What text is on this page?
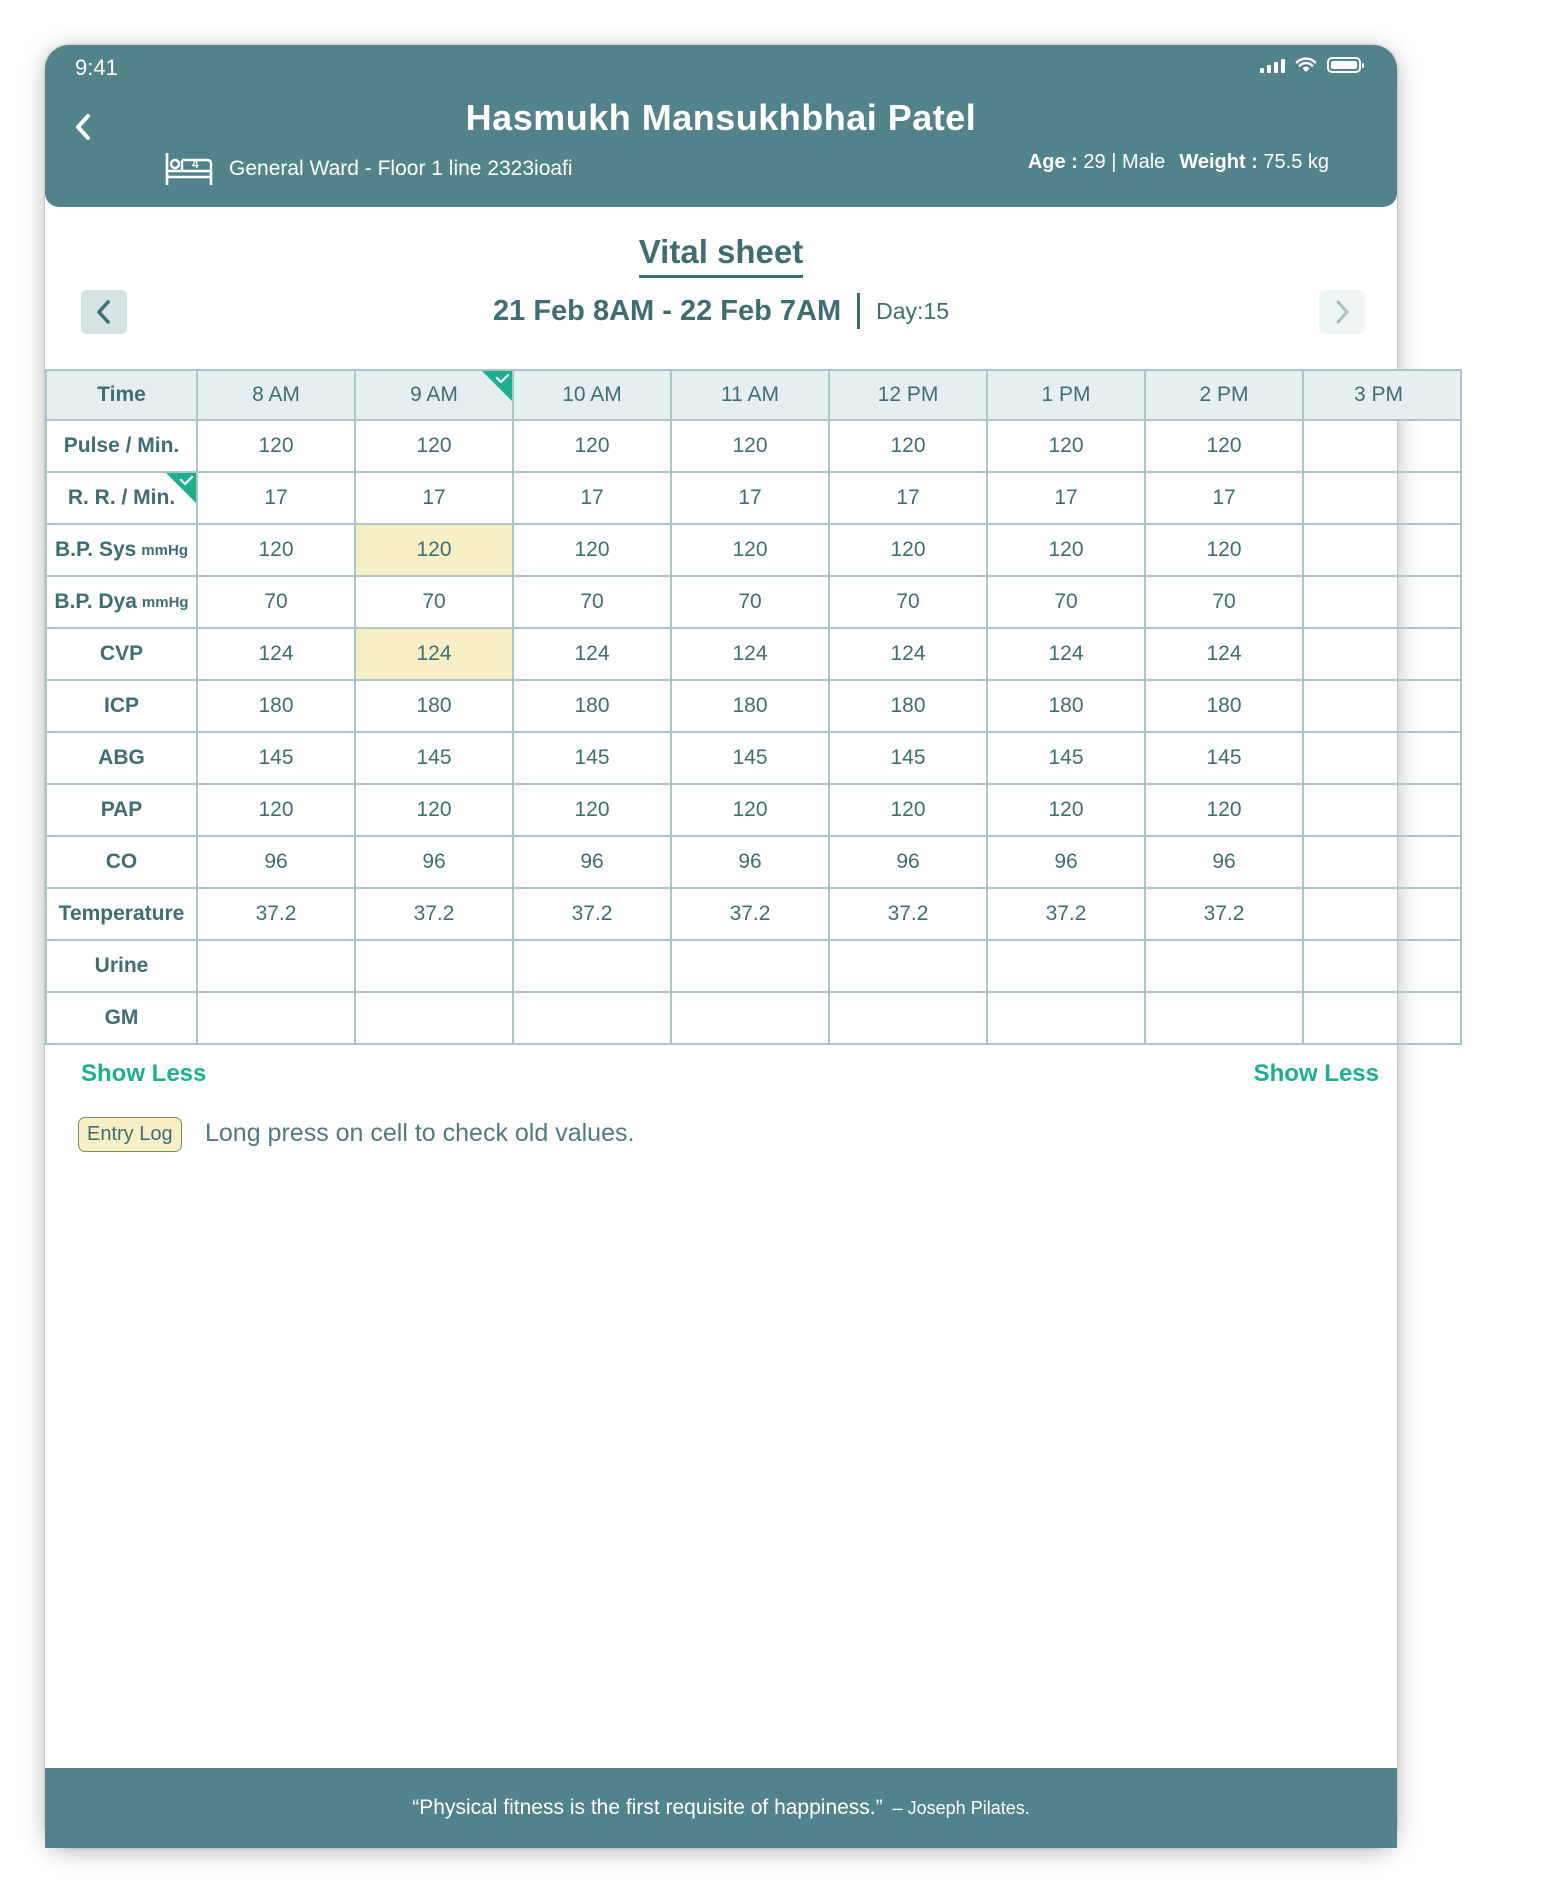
9:41
Hasmukh Mansukhbhai Patel
4 General Ward - Floor 1 line 2323ioafi	Age : 29 | Male Weight : 75.5 kg
Vital sheet
21 Feb 8AM - 22 Feb 7AM Day:15
Time	8 AM	9 AM	10 AM	11 AM	12 PM	1 PM	2 PM	3 PM
Pulse / Min.	120	120	120	120	120	120	120
R. R. / Min.	17	17	17	17	17	17	17
B.P. Sys mmHg	120	120	120	120	120	120	120
B.P. Dya mmHg	70	70	70	70	70	70	70
CVP	124	124	124	124	124	124	124
ICP	180	180	180	180	180	180	180
ABG	145	145	145	145	145	145	145
PAP	120	120	120	120	120	120	120
CO	96	96	96	96	96	96	96
Temperature	37.2	37.2	37.2	37.2	37.2	37.2	37.2
Urine
GM
Show Less	Show Less
Entry Log	Long press on cell to check old values.
“Physical fitness is the first requisite of happiness.” – Joseph Pilates.
